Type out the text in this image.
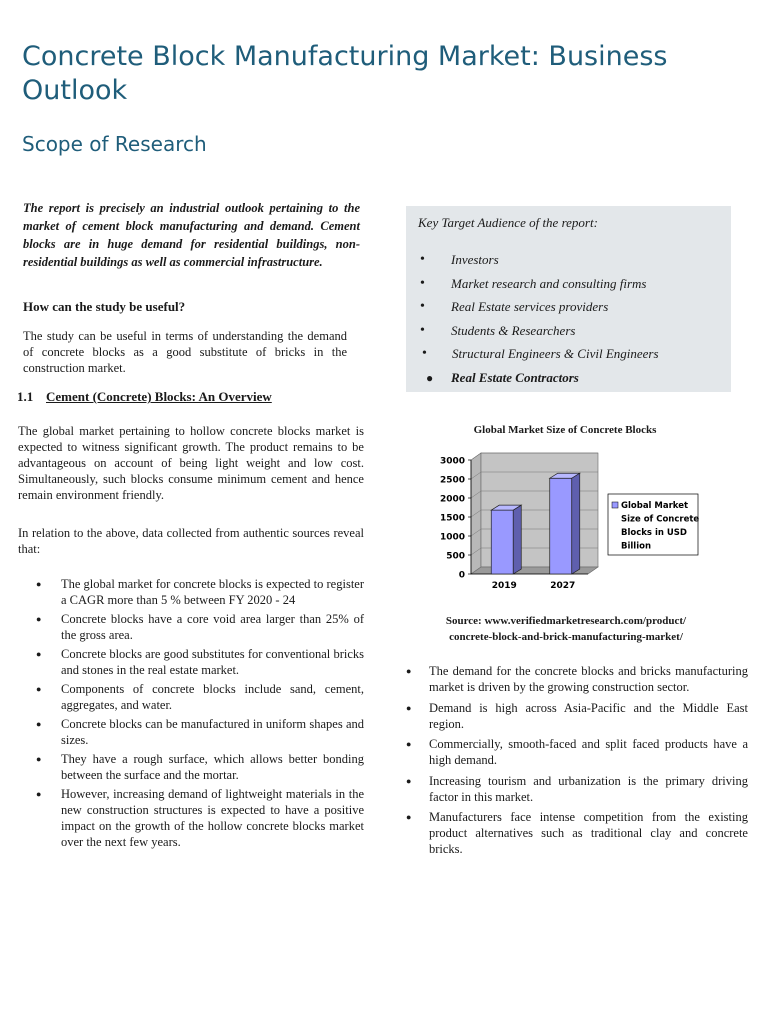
Concrete Block Manufacturing Market: Business Outlook
Scope of Research

The report is precisely an industrial outlook pertaining to the market of cement block manufacturing and demand. Cement blocks are in huge demand for residential buildings, non-residential buildings as well as commercial infrastructure.

How can the study be useful?

The study can be useful in terms of understanding the demand of concrete blocks as a good substitute of bricks in the construction market.

Key Target Audience of the report:

• Investors
• Market research and consulting firms
• Real Estate services providers
• Students & Researchers
• Structural Engineers & Civil Engineers
● Real Estate Contractors

1.1 Cement (Concrete) Blocks: An Overview

The global market pertaining to hollow concrete blocks market is expected to witness significant growth. The product remains to be advantageous on account of being light weight and low cost. Simultaneously, such blocks consume minimum cement and hence remain environment friendly.

In relation to the above, data collected from authentic sources reveal that:

● The global market for concrete blocks is expected to register a CAGR more than 5 % between FY 2020 - 24
● Concrete blocks have a core void area larger than 25% of the gross area.
● Concrete blocks are good substitutes for conventional bricks and stones in the real estate market.
● Components of concrete blocks include sand, cement, aggregates, and water.
● Concrete blocks can be manufactured in uniform shapes and sizes.
● They have a rough surface, which allows better bonding between the surface and the mortar.
● However, increasing demand of lightweight materials in the new construction structures is expected to have a positive impact on the growth of the hollow concrete blocks market over the next few years.

Global Market Size of Concrete Blocks

0
500
1000
1500
2000
2500
3000
2019	2027
Global Market
Size of Concrete
Blocks in USD
Billion

Source: www.verifiedmarketresearch.com/product/
concrete-block-and-brick-manufacturing-market/

● The demand for the concrete blocks and bricks manufacturing market is driven by the growing construction sector.
● Demand is high across Asia-Pacific and the Middle East region.
● Commercially, smooth-faced and split faced products have a high demand.
● Increasing tourism and urbanization is the primary driving factor in this market.
● Manufacturers face intense competition from the existing product alternatives such as traditional clay and concrete bricks.
